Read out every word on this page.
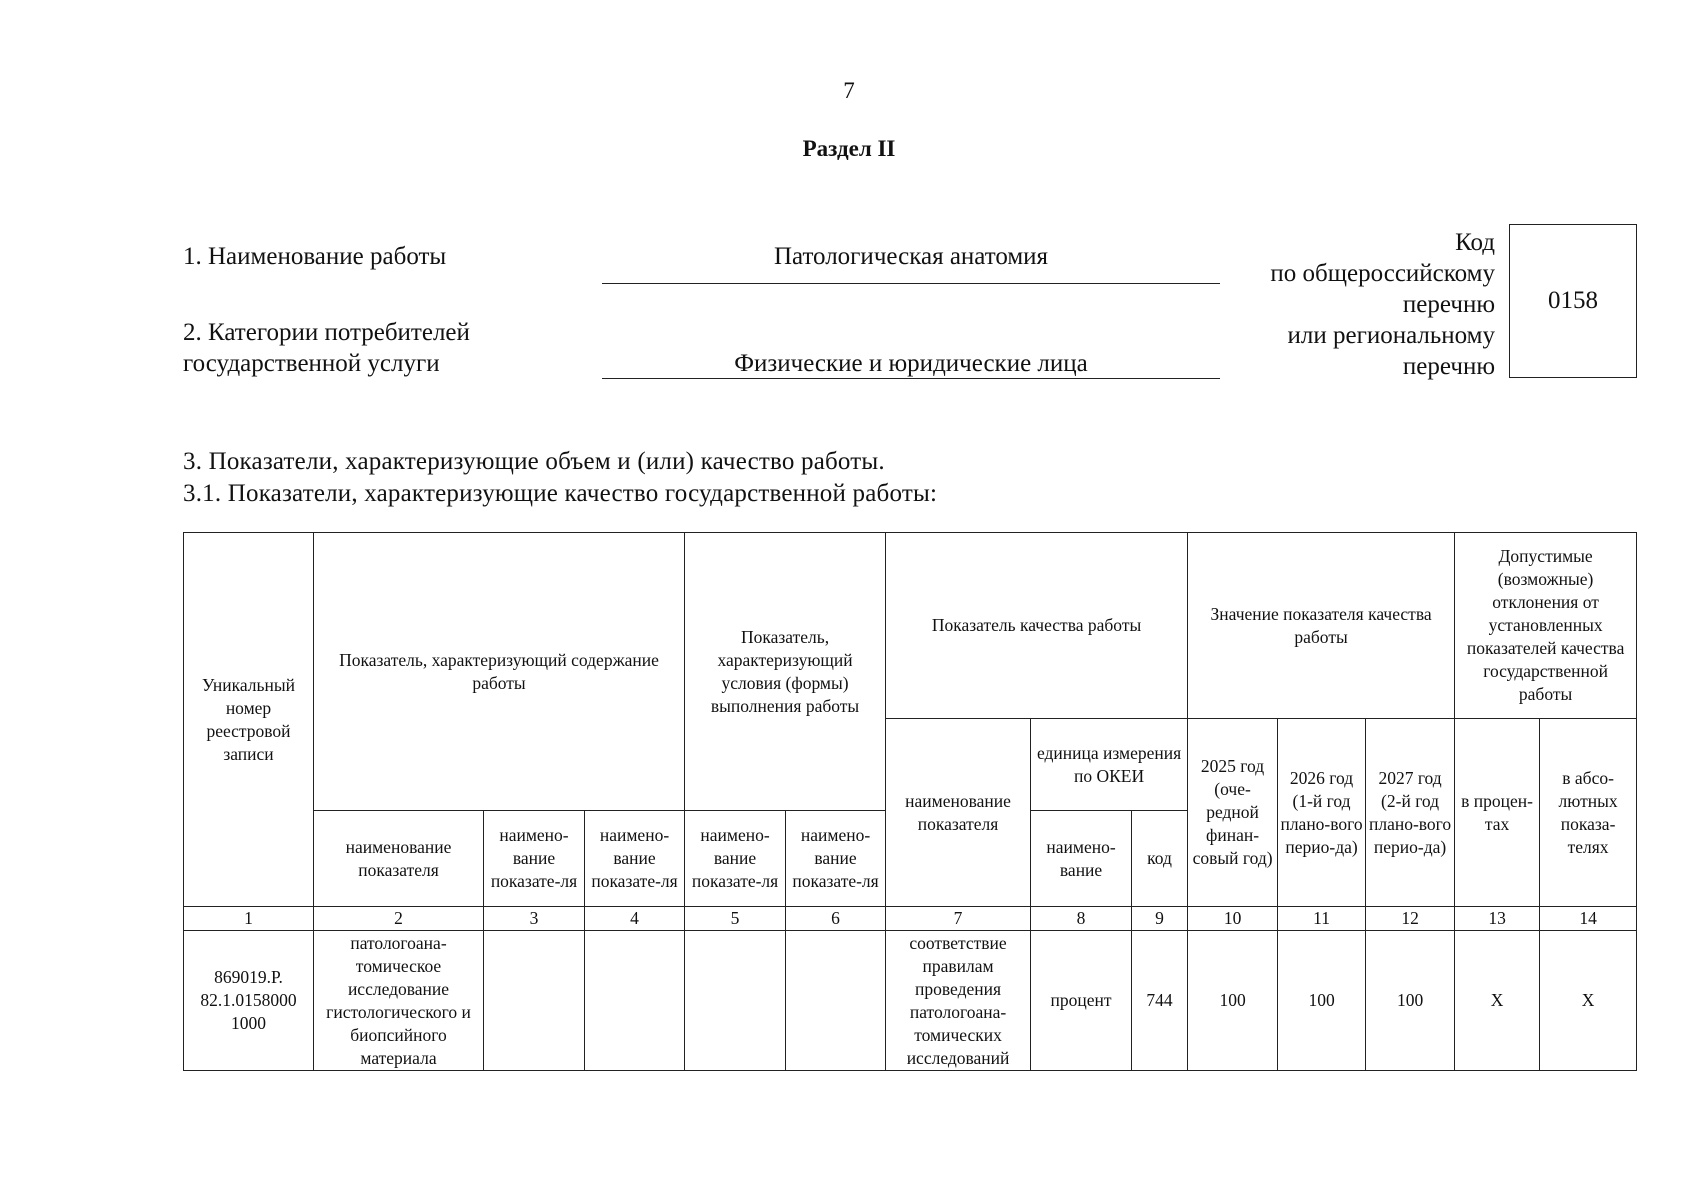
7
Раздел II
1. Наименование работы	Патологическая анатомия
2. Категории потребителей
государственной услуги	Физические и юридические лица
Код
по общероссийскому
перечню
или региональному
перечню
0158
3. Показатели, характеризующие объем и (или) качество работы.
3.1. Показатели, характеризующие качество государственной работы:
Уникальный номер реестровой записи	Показатель, характеризующий содержание работы			Показатель, характеризующий условия (формы) выполнения работы		Показатель качества работы			Значение показателя качества работы			Допустимые (возможные) отклонения от установленных показателей качества государственной работы	
						наименование показателя	единица измерения по ОКЕИ		2025 год (оче-редной финан-совый год)	2026 год (1-й год плано-вого перио-да)	2027 год (2-й год плано-вого перио-да)	в процен-тах	в абсо-лютных показа-телях
	наименование показателя	наимено-вание показате-ля	наимено-вание показате-ля	наимено-вание показате-ля	наимено-вание показате-ля		наимено-вание	код					

1	2	3	4	5	6	7	8	9	10	11	12	13	14
869019.Р. 82.1.0158000 1000	патологоана-томическое исследование гистологического и биопсийного материала					соответствие правилам проведения патологоана-томических исследований	процент	744	100	100	100	X	X
